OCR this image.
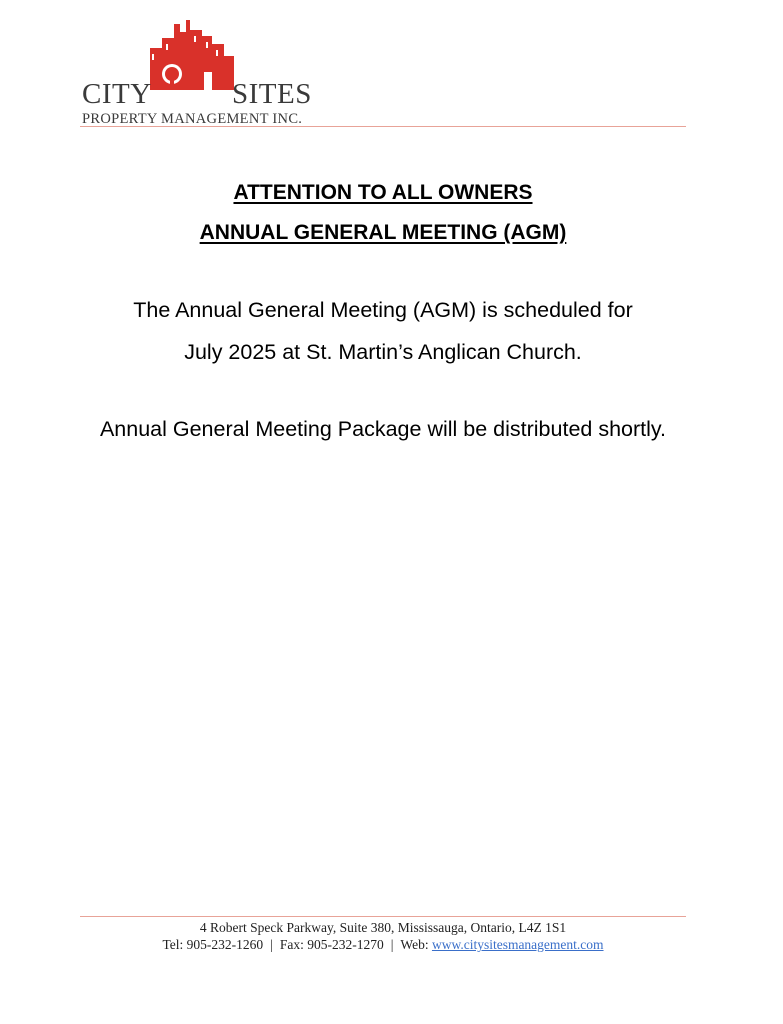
CITY	SITES
PROPERTY MANAGEMENT INC.
ATTENTION TO ALL OWNERS
ANNUAL GENERAL MEETING (AGM)
The Annual General Meeting (AGM) is scheduled for
July 2025 at St. Martin’s Anglican Church.
Annual General Meeting Package will be distributed shortly.
4 Robert Speck Parkway, Suite 380, Mississauga, Ontario, L4Z 1S1
Tel: 905-232-1260 | Fax: 905-232-1270 | Web: www.citysitesmanagement.com
